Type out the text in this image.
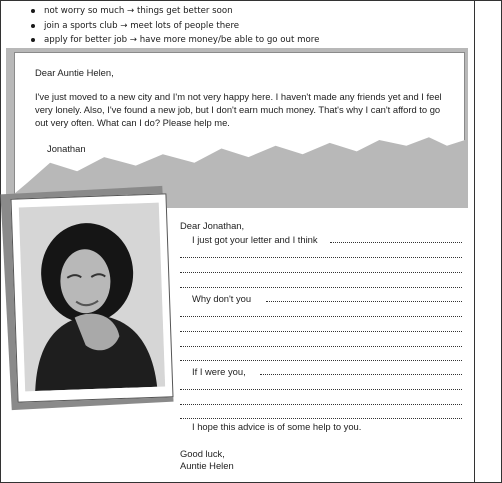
not worry so much → things get better soon
join a sports club → meet lots of people there
apply for better job → have more money/be able to go out more
Dear Auntie Helen,
I've just moved to a new city and I'm not very happy here. I haven't made any friends yet and I feel very lonely. Also, I've found a new job, but I don't earn much money. That's why I can't afford to go out very often. What can I do? Please help me.
Jonathan
Dear Jonathan,
I just got your letter and I think
Why don't you
If I were you,
I hope this advice is of some help to you.
Good luck,
Auntie Helen
